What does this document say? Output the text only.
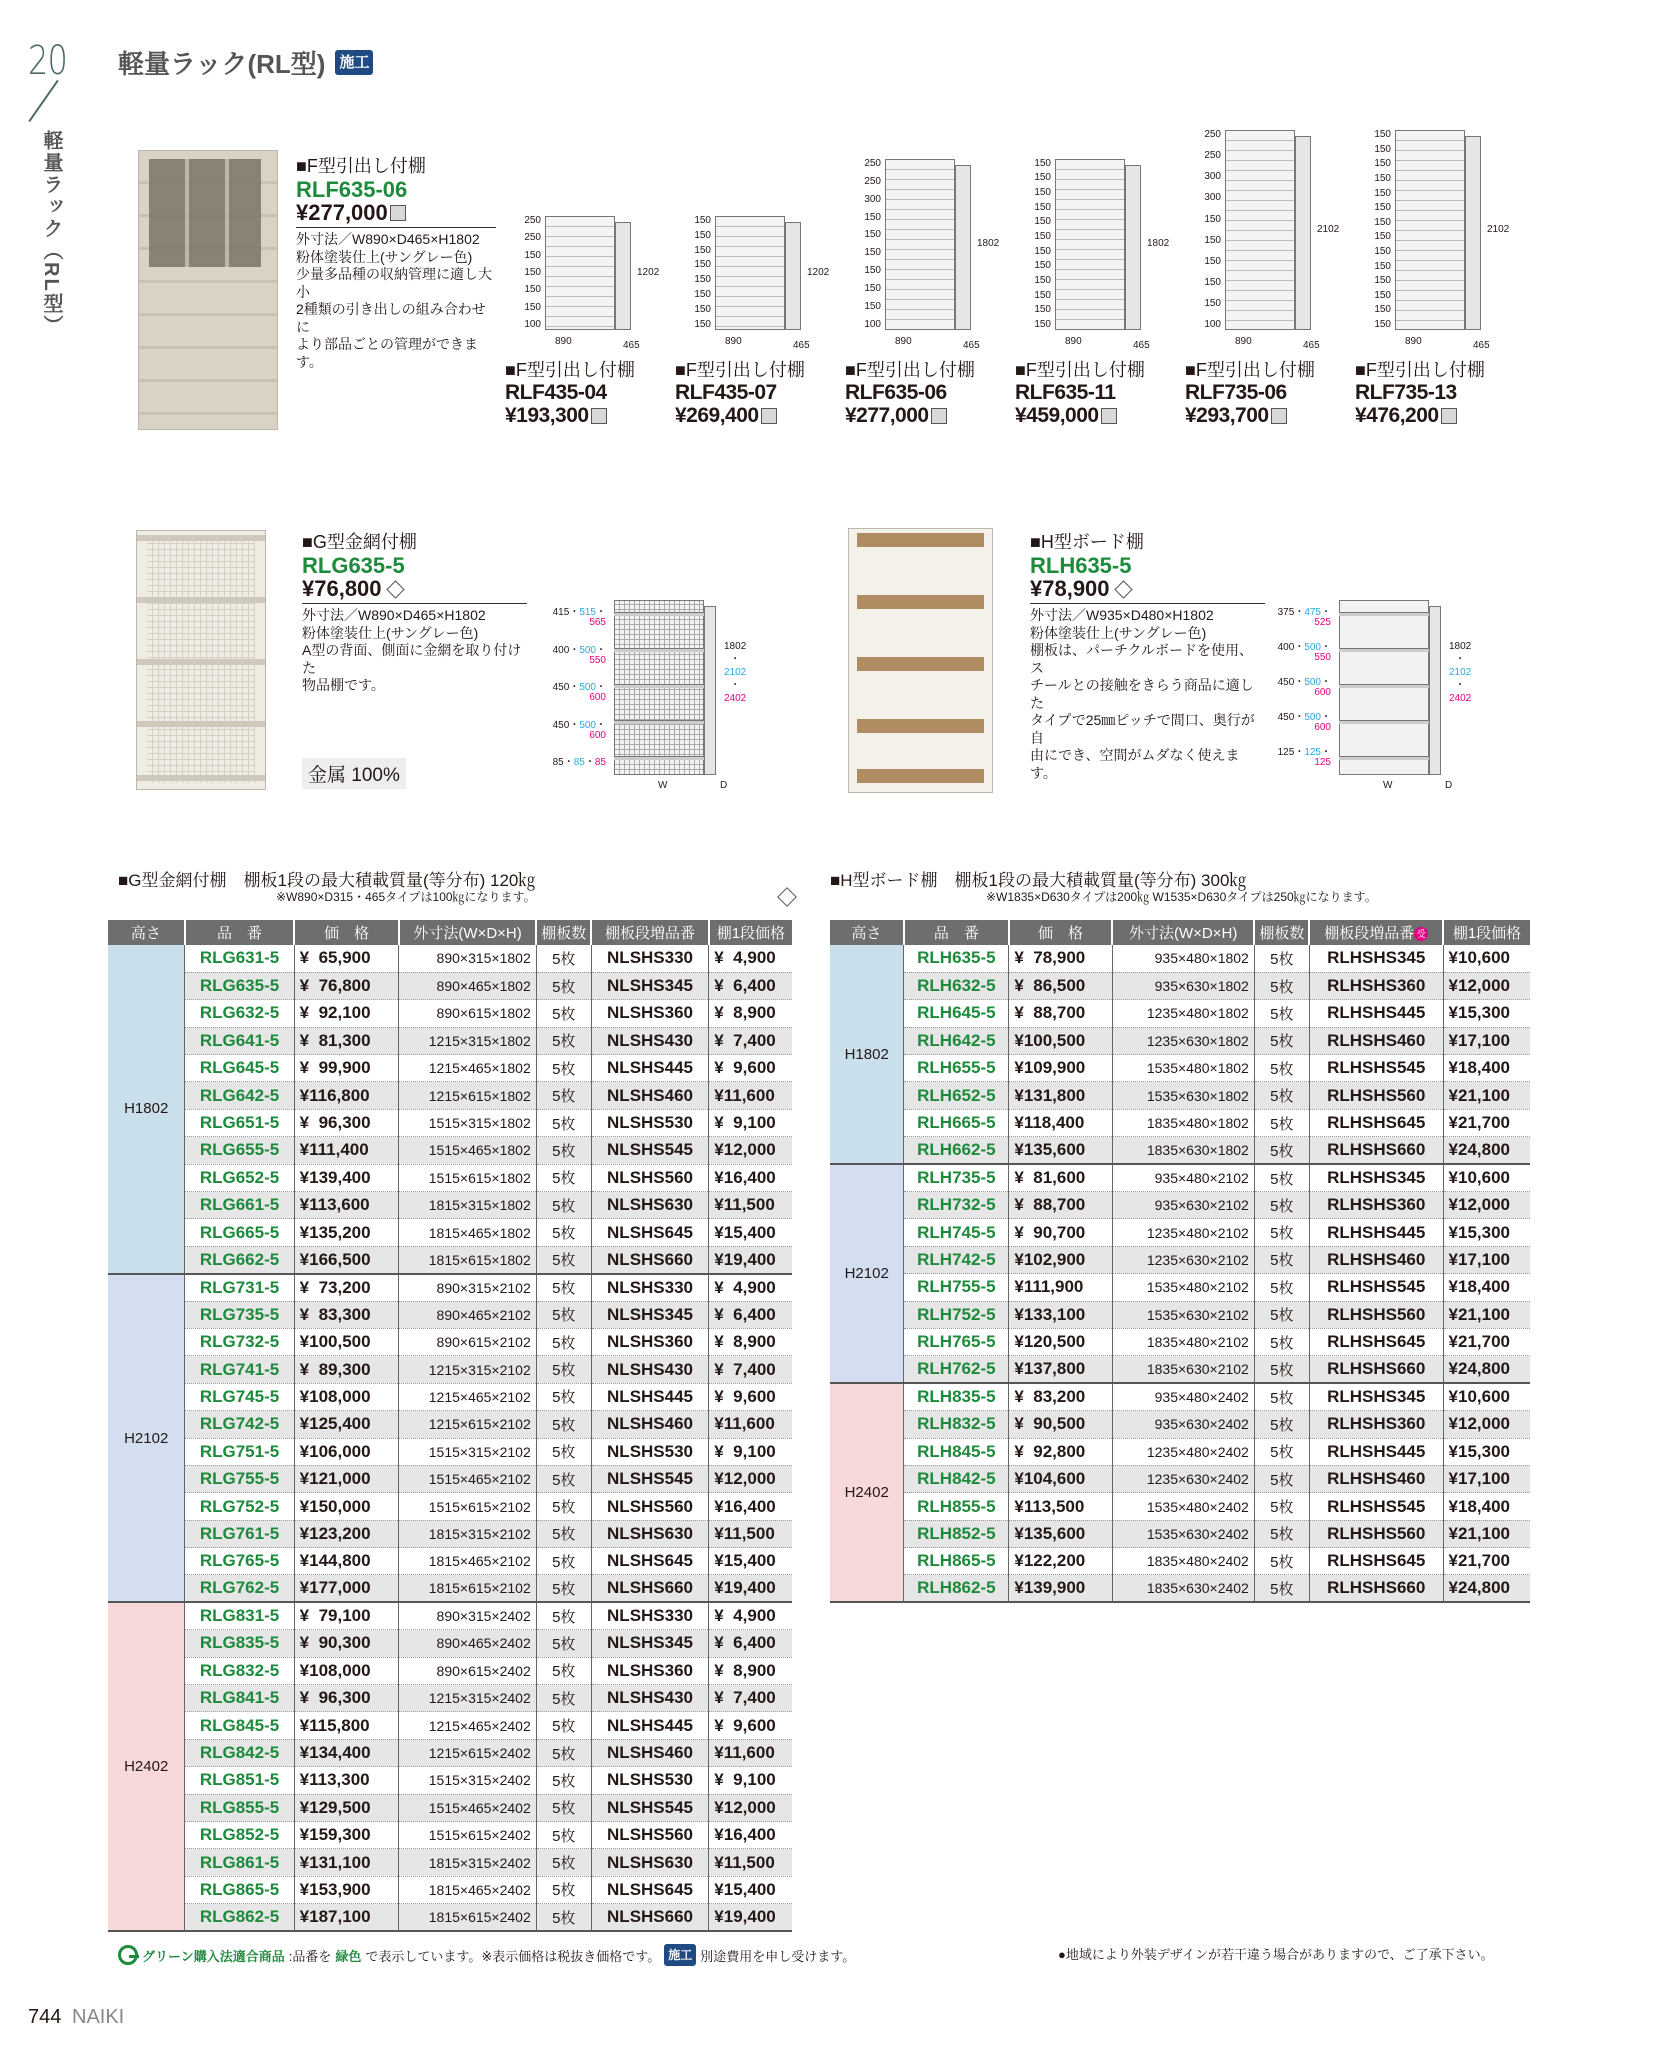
20
軽量ラック（RL型）
軽量ラック(RL型) 施工
■F型引出し付棚
RLF635-06
¥277,000
外寸法／W890×D465×H1802
粉体塗装仕上(サングレー色)
少量多品種の収納管理に適し大小
2種類の引き出しの組み合わせに
より部品ごとの管理ができます。
250
250
150
150
150
150
100
1202
890	465
150
150
150
150
150
150
150
150
1202
890	465
250
250
300
150
150
150
150
150
150
100
1802
890	465
150
150
150
150
150
150
150
150
150
150
150
150
1802
890	465
250
250
300
300
150
150
150
150
150
100
2102
890	465
150
150
150
150
150
150
150
150
150
150
150
150
150
150
2102
890	465
■F型引出し付棚
RLF435-04
¥193,300
■F型引出し付棚
RLF435-07
¥269,400
■F型引出し付棚
RLF635-06
¥277,000
■F型引出し付棚
RLF635-11
¥459,000
■F型引出し付棚
RLF735-06
¥293,700
■F型引出し付棚
RLF735-13
¥476,200
■G型金網付棚
RLG635-5
¥76,800
外寸法／W890×D465×H1802
粉体塗装仕上(サングレー色)
A型の背面、側面に金網を取り付けた
物品棚です。
金属 100%
415・515・565
400・500・550
450・500・600
450・500・600
85・85・85
1802
・
2102
・
2402
W	D
■H型ボード棚
RLH635-5
¥78,900
外寸法／W935×D480×H1802
粉体塗装仕上(サングレー色)
棚板は、パーチクルボードを使用、ス
チールとの接触をきらう商品に適した
タイプで25㎜ピッチで間口、奥行が自
由にでき、空間がムダなく使えます。
375・475・525
400・500・550
450・500・600
450・500・600
125・125・125
1802
・
2102
・
2402
W	D
■G型金網付棚　棚板1段の最大積載質量(等分布) 120㎏
※W890×D315・465タイプは100㎏になります。
高さ	品　番	価　格	外寸法(W×D×H)	棚板数	棚板段増品番	棚1段価格
H1802	RLG631-5	¥  65,900	890×315×1802	5枚	NLSHS330	¥  4,900
	RLG635-5	¥  76,800	890×465×1802	5枚	NLSHS345	¥  6,400
	RLG632-5	¥  92,100	890×615×1802	5枚	NLSHS360	¥  8,900
	RLG641-5	¥  81,300	1215×315×1802	5枚	NLSHS430	¥  7,400
	RLG645-5	¥  99,900	1215×465×1802	5枚	NLSHS445	¥  9,600
	RLG642-5	¥116,800	1215×615×1802	5枚	NLSHS460	¥11,600
	RLG651-5	¥  96,300	1515×315×1802	5枚	NLSHS530	¥  9,100
	RLG655-5	¥111,400	1515×465×1802	5枚	NLSHS545	¥12,000
	RLG652-5	¥139,400	1515×615×1802	5枚	NLSHS560	¥16,400
	RLG661-5	¥113,600	1815×315×1802	5枚	NLSHS630	¥11,500
	RLG665-5	¥135,200	1815×465×1802	5枚	NLSHS645	¥15,400
	RLG662-5	¥166,500	1815×615×1802	5枚	NLSHS660	¥19,400
H2102	RLG731-5	¥  73,200	890×315×2102	5枚	NLSHS330	¥  4,900
	RLG735-5	¥  83,300	890×465×2102	5枚	NLSHS345	¥  6,400
	RLG732-5	¥100,500	890×615×2102	5枚	NLSHS360	¥  8,900
	RLG741-5	¥  89,300	1215×315×2102	5枚	NLSHS430	¥  7,400
	RLG745-5	¥108,000	1215×465×2102	5枚	NLSHS445	¥  9,600
	RLG742-5	¥125,400	1215×615×2102	5枚	NLSHS460	¥11,600
	RLG751-5	¥106,000	1515×315×2102	5枚	NLSHS530	¥  9,100
	RLG755-5	¥121,000	1515×465×2102	5枚	NLSHS545	¥12,000
	RLG752-5	¥150,000	1515×615×2102	5枚	NLSHS560	¥16,400
	RLG761-5	¥123,200	1815×315×2102	5枚	NLSHS630	¥11,500
	RLG765-5	¥144,800	1815×465×2102	5枚	NLSHS645	¥15,400
	RLG762-5	¥177,000	1815×615×2102	5枚	NLSHS660	¥19,400
H2402	RLG831-5	¥  79,100	890×315×2402	5枚	NLSHS330	¥  4,900
	RLG835-5	¥  90,300	890×465×2402	5枚	NLSHS345	¥  6,400
	RLG832-5	¥108,000	890×615×2402	5枚	NLSHS360	¥  8,900
	RLG841-5	¥  96,300	1215×315×2402	5枚	NLSHS430	¥  7,400
	RLG845-5	¥115,800	1215×465×2402	5枚	NLSHS445	¥  9,600
	RLG842-5	¥134,400	1215×615×2402	5枚	NLSHS460	¥11,600
	RLG851-5	¥113,300	1515×315×2402	5枚	NLSHS530	¥  9,100
	RLG855-5	¥129,500	1515×465×2402	5枚	NLSHS545	¥12,000
	RLG852-5	¥159,300	1515×615×2402	5枚	NLSHS560	¥16,400
	RLG861-5	¥131,100	1815×315×2402	5枚	NLSHS630	¥11,500
	RLG865-5	¥153,900	1815×465×2402	5枚	NLSHS645	¥15,400
	RLG862-5	¥187,100	1815×615×2402	5枚	NLSHS660	¥19,400
■H型ボード棚　棚板1段の最大積載質量(等分布) 300㎏
※W1835×D630タイプは200㎏ W1535×D630タイプは250㎏になります。
高さ	品　番	価　格	外寸法(W×D×H)	棚板数	棚板段増品番 受	棚1段価格
H1802	RLH635-5	¥  78,900	935×480×1802	5枚	RLHSHS345	¥10,600
	RLH632-5	¥  86,500	935×630×1802	5枚	RLHSHS360	¥12,000
	RLH645-5	¥  88,700	1235×480×1802	5枚	RLHSHS445	¥15,300
	RLH642-5	¥100,500	1235×630×1802	5枚	RLHSHS460	¥17,100
	RLH655-5	¥109,900	1535×480×1802	5枚	RLHSHS545	¥18,400
	RLH652-5	¥131,800	1535×630×1802	5枚	RLHSHS560	¥21,100
	RLH665-5	¥118,400	1835×480×1802	5枚	RLHSHS645	¥21,700
	RLH662-5	¥135,600	1835×630×1802	5枚	RLHSHS660	¥24,800
H2102	RLH735-5	¥  81,600	935×480×2102	5枚	RLHSHS345	¥10,600
	RLH732-5	¥  88,700	935×630×2102	5枚	RLHSHS360	¥12,000
	RLH745-5	¥  90,700	1235×480×2102	5枚	RLHSHS445	¥15,300
	RLH742-5	¥102,900	1235×630×2102	5枚	RLHSHS460	¥17,100
	RLH755-5	¥111,900	1535×480×2102	5枚	RLHSHS545	¥18,400
	RLH752-5	¥133,100	1535×630×2102	5枚	RLHSHS560	¥21,100
	RLH765-5	¥120,500	1835×480×2102	5枚	RLHSHS645	¥21,700
	RLH762-5	¥137,800	1835×630×2102	5枚	RLHSHS660	¥24,800
H2402	RLH835-5	¥  83,200	935×480×2402	5枚	RLHSHS345	¥10,600
	RLH832-5	¥  90,500	935×630×2402	5枚	RLHSHS360	¥12,000
	RLH845-5	¥  92,800	1235×480×2402	5枚	RLHSHS445	¥15,300
	RLH842-5	¥104,600	1235×630×2402	5枚	RLHSHS460	¥17,100
	RLH855-5	¥113,500	1535×480×2402	5枚	RLHSHS545	¥18,400
	RLH852-5	¥135,600	1535×630×2402	5枚	RLHSHS560	¥21,100
	RLH865-5	¥122,200	1835×480×2402	5枚	RLHSHS645	¥21,700
	RLH862-5	¥139,900	1835×630×2402	5枚	RLHSHS660	¥24,800
グリーン購入法適合商品 :品番を 緑色 で表示しています。※表示価格は税抜き価格です。 施工 別途費用を申し受けます。	●地域により外装デザインが若干違う場合がありますので、ご了承下さい。
744 NAIKI
